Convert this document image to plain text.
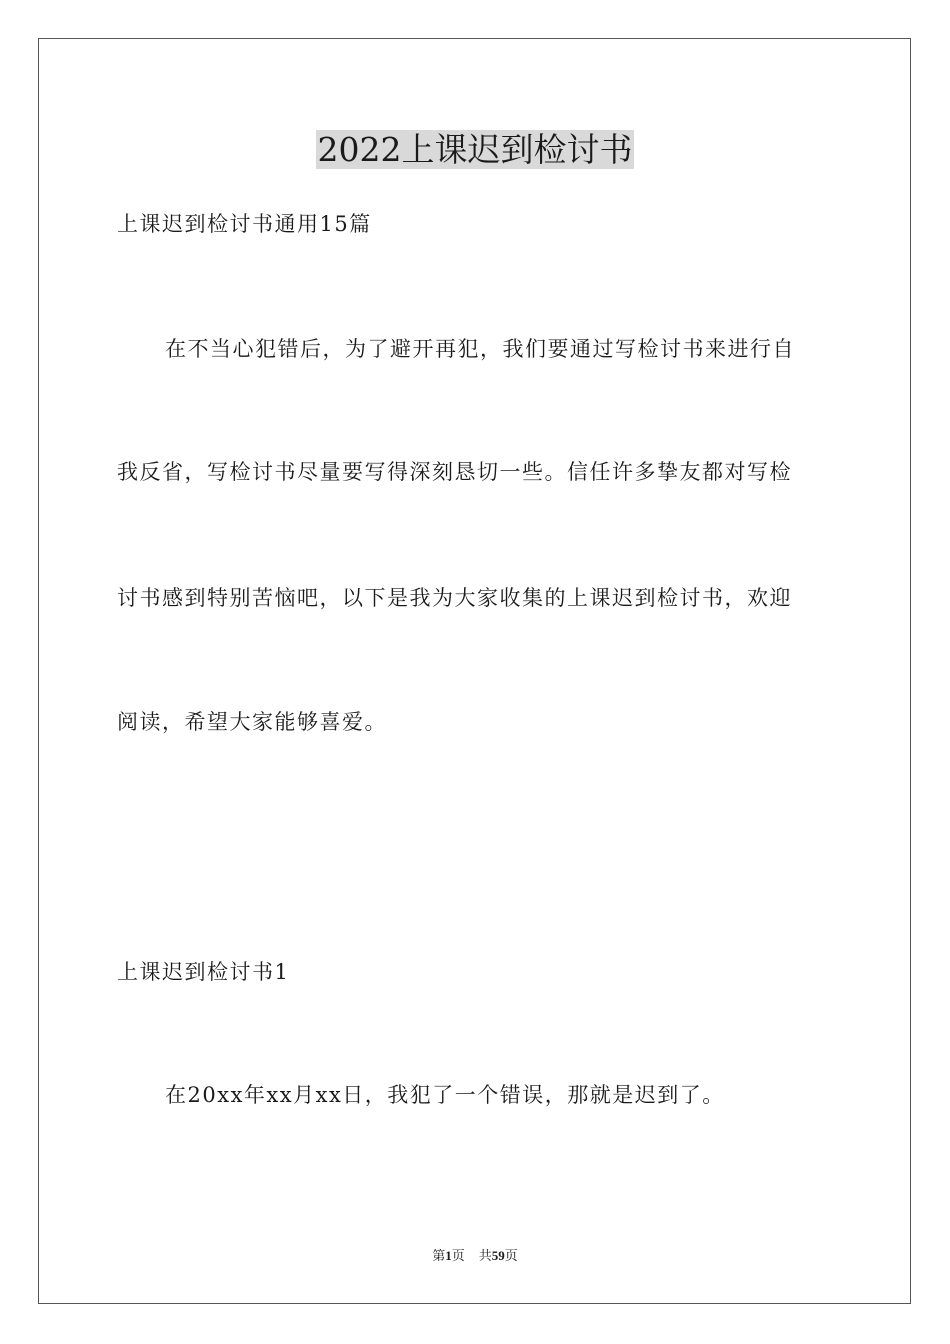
2022上课迟到检讨书

上课迟到检讨书通用15篇

在不当心犯错后，为了避开再犯，我们要通过写检讨书来进行自

我反省，写检讨书尽量要写得深刻恳切一些。信任许多挚友都对写检

讨书感到特别苦恼吧，以下是我为大家收集的上课迟到检讨书，欢迎

阅读，希望大家能够喜爱。

上课迟到检讨书1

在20xx年xx月xx日，我犯了一个错误，那就是迟到了。

第1页 共59页
